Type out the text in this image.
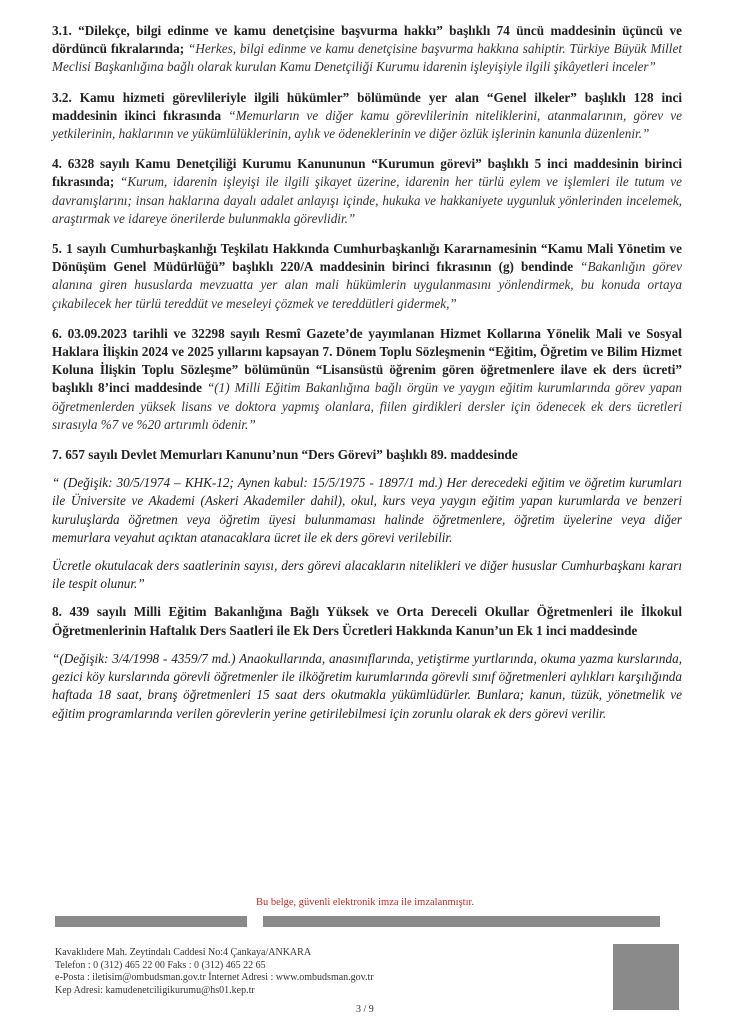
3.1. “Dilekçe, bilgi edinme ve kamu denetçisine başvurma hakkı” başlıklı 74 üncü maddesinin üçüncü ve dördüncü fıkralarında; “Herkes, bilgi edinme ve kamu denetçisine başvurma hakkına sahiptir. Türkiye Büyük Millet Meclisi Başkanlığına bağlı olarak kurulan Kamu Denetçiliği Kurumu idarenin işleyişiyle ilgili şikâyetleri inceler”

3.2. Kamu hizmeti görevlileriyle ilgili hükümler” bölümünde yer alan “Genel ilkeler” başlıklı 128 inci maddesinin ikinci fıkrasında “Memurların ve diğer kamu görevlilerinin niteliklerini, atanmalarının, görev ve yetkilerinin, haklarının ve yükümlülüklerinin, aylık ve ödeneklerinin ve diğer özlük işlerinin kanunla düzenlenir.”

4. 6328 sayılı Kamu Denetçiliği Kurumu Kanununun “Kurumun görevi” başlıklı 5 inci maddesinin birinci fıkrasında; “Kurum, idarenin işleyişi ile ilgili şikayet üzerine, idarenin her türlü eylem ve işlemleri ile tutum ve davranışlarını; insan haklarına dayalı adalet anlayışı içinde, hukuka ve hakkaniyete uygunluk yönlerinden incelemek, araştırmak ve idareye önerilerde bulunmakla görevlidir.”

5. 1 sayılı Cumhurbaşkanlığı Teşkilatı Hakkında Cumhurbaşkanlığı Kararnamesinin “Kamu Mali Yönetim ve Dönüşüm Genel Müdürlüğü” başlıklı 220/A maddesinin birinci fıkrasının (g) bendinde “Bakanlığın görev alanına giren hususlarda mevzuatta yer alan mali hükümlerin uygulanmasını yönlendirmek, bu konuda ortaya çıkabilecek her türlü tereddüt ve meseleyi çözmek ve tereddütleri gidermek,”

6. 03.09.2023 tarihli ve 32298 sayılı Resmî Gazete’de yayımlanan Hizmet Kollarına Yönelik Mali ve Sosyal Haklara İlişkin 2024 ve 2025 yıllarını kapsayan 7. Dönem Toplu Sözleşmenin “Eğitim, Öğretim ve Bilim Hizmet Koluna İlişkin Toplu Sözleşme” bölümünün “Lisansüstü öğrenim gören öğretmenlere ilave ek ders ücreti” başlıklı 8’inci maddesinde “(1) Milli Eğitim Bakanlığına bağlı örgün ve yaygın eğitim kurumlarında görev yapan öğretmenlerden yüksek lisans ve doktora yapmış olanlara, fiilen girdikleri dersler için ödenecek ek ders ücretleri sırasıyla %7 ve %20 artırımlı ödenir.”

7. 657 sayılı Devlet Memurları Kanunu’nun “Ders Görevi” başlıklı 89. maddesinde

“ (Değişik: 30/5/1974 – KHK-12; Aynen kabul: 15/5/1975 - 1897/1 md.) Her derecedeki eğitim ve öğretim kurumları ile Üniversite ve Akademi (Askeri Akademiler dahil), okul, kurs veya yaygın eğitim yapan kurumlarda ve benzeri kuruluşlarda öğretmen veya öğretim üyesi bulunmaması halinde öğretmenlere, öğretim üyelerine veya diğer memurlara veyahut açıktan atanacaklara ücret ile ek ders görevi verilebilir.

Ücretle okutulacak ders saatlerinin sayısı, ders görevi alacakların nitelikleri ve diğer hususlar Cumhurbaşkanı kararı ile tespit olunur.”

8. 439 sayılı Milli Eğitim Bakanlığına Bağlı Yüksek ve Orta Dereceli Okullar Öğretmenleri ile İlkokul Öğretmenlerinin Haftalık Ders Saatleri ile Ek Ders Ücretleri Hakkında Kanun’un Ek 1 inci maddesinde

“(Değişik: 3/4/1998 - 4359/7 md.) Anaokullarında, anasınıflarında, yetiştirme yurtlarında, okuma yazma kurslarında, gezici köy kurslarında görevli öğretmenler ile ilköğretim kurumlarında görevli sınıf öğretmenleri aylıkları karşılığında haftada 18 saat, branş öğretmenleri 15 saat ders okutmakla yükümlüdürler. Bunlara; kanun, tüzük, yönetmelik ve eğitim programlarında verilen görevlerin yerine getirilebilmesi için zorunlu olarak ek ders görevi verilir.

Bu belge, güvenli elektronik imza ile imzalanmıştır.
Kavaklıdere Mah. Zeytindalı Caddesi No:4 Çankaya/ANKARA
Telefon : 0 (312) 465 22 00 Faks : 0 (312) 465 22 65
e-Posta : iletisim@ombudsman.gov.tr İnternet Adresi : www.ombudsman.gov.tr
Kep Adresi: kamudenetciligikurumu@hs01.kep.tr
3 / 9
